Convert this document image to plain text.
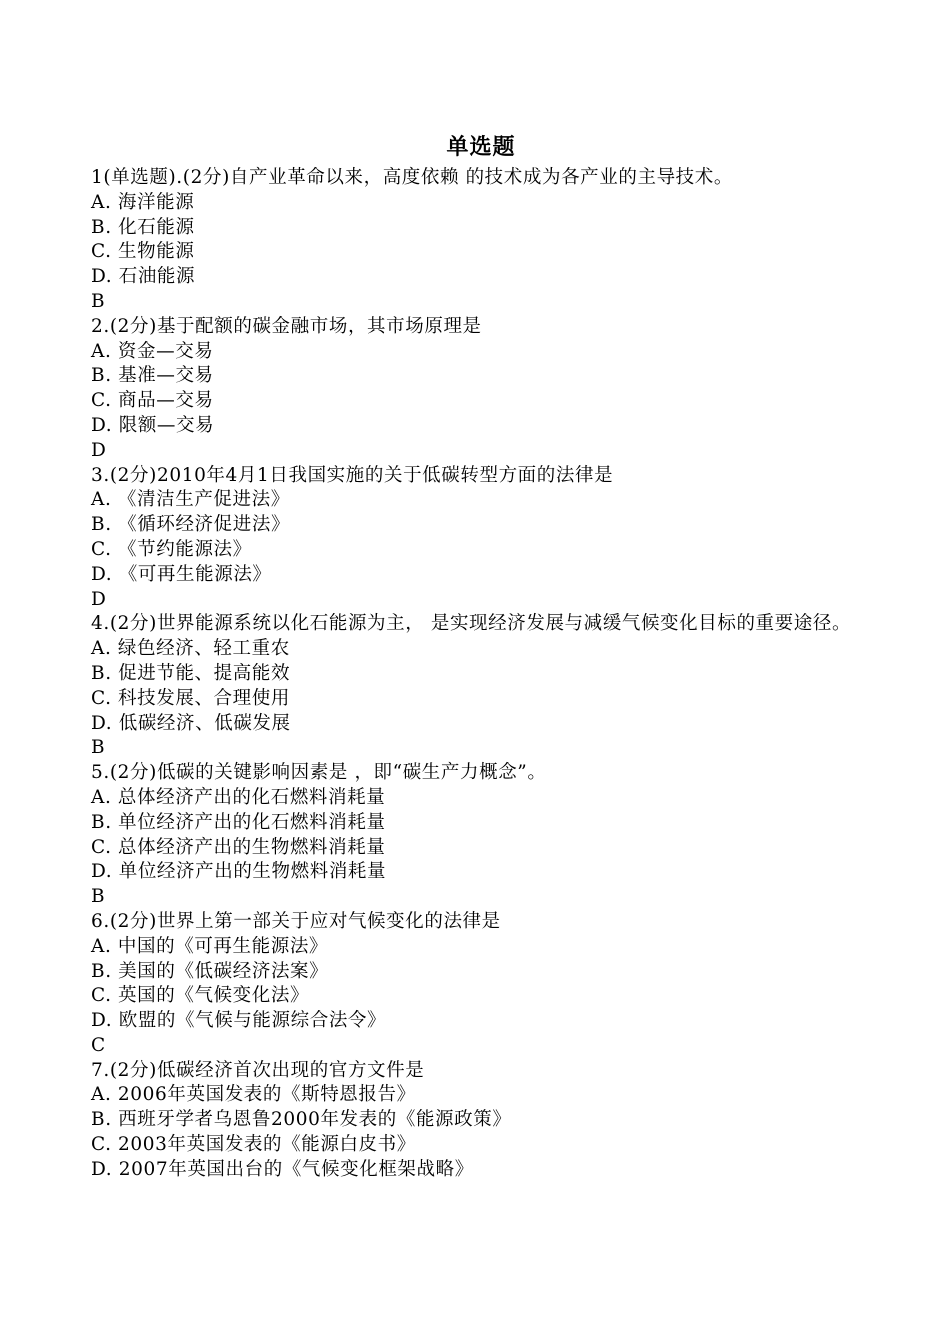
单选题
1(单选题).(2分)自产业革命以来，高度依赖 的技术成为各产业的主导技术。
A. 海洋能源
B. 化石能源
C. 生物能源
D. 石油能源
B
2.(2分)基于配额的碳金融市场，其市场原理是
A. 资金—交易
B. 基准—交易
C. 商品—交易
D. 限额—交易
D
3.(2分)2010年4月1日我国实施的关于低碳转型方面的法律是
A. 《清洁生产促进法》
B. 《循环经济促进法》
C. 《节约能源法》
D. 《可再生能源法》
D
4.(2分)世界能源系统以化石能源为主， 是实现经济发展与减缓气候变化目标的重要途径。
A. 绿色经济、轻工重农
B. 促进节能、提高能效
C. 科技发展、合理使用
D. 低碳经济、低碳发展
B
5.(2分)低碳的关键影响因素是 ，即“碳生产力概念”。
A. 总体经济产出的化石燃料消耗量
B. 单位经济产出的化石燃料消耗量
C. 总体经济产出的生物燃料消耗量
D. 单位经济产出的生物燃料消耗量
B
6.(2分)世界上第一部关于应对气候变化的法律是
A. 中国的《可再生能源法》
B. 美国的《低碳经济法案》
C. 英国的《气候变化法》
D. 欧盟的《气候与能源综合法令》
C
7.(2分)低碳经济首次出现的官方文件是
A. 2006年英国发表的《斯特恩报告》
B. 西班牙学者乌恩鲁2000年发表的《能源政策》
C. 2003年英国发表的《能源白皮书》
D. 2007年英国出台的《气候变化框架战略》
